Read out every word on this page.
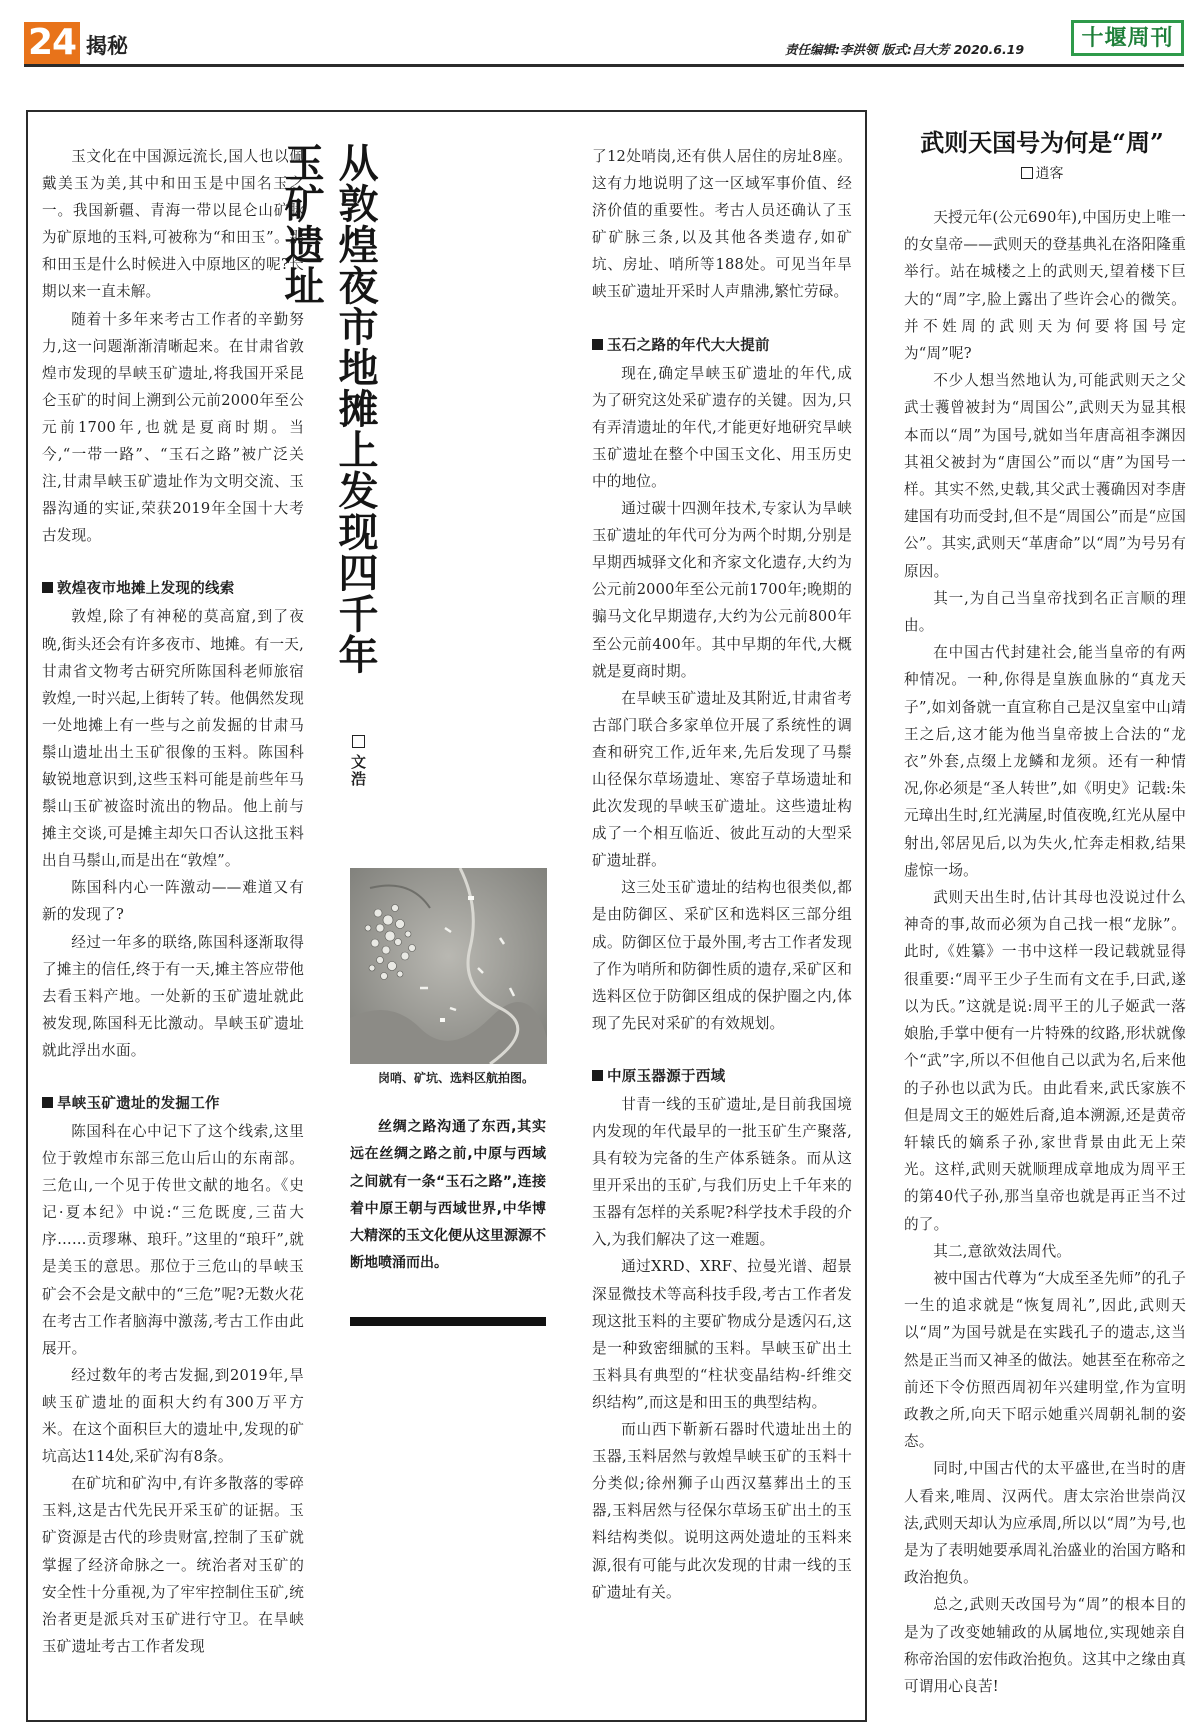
24 揭秘	责任编辑:李洪领 版式:吕大芳 2020.6.19	十堰周刊

玉文化在中国源远流长,国人也以佩戴美玉为美,其中和田玉是中国名玉之一。我国新疆、青海一带以昆仑山矿脉为矿原地的玉料,可被称为“和田玉”。那和田玉是什么时候进入中原地区的呢?长期以来一直未解。

随着十多年来考古工作者的辛勤努力,这一问题渐渐清晰起来。在甘肃省敦煌市发现的旱峡玉矿遗址,将我国开采昆仑玉矿的时间上溯到公元前2000年至公元前1700年,也就是夏商时期。当今,“一带一路”、“玉石之路”被广泛关注,甘肃旱峡玉矿遗址作为文明交流、玉器沟通的实证,荣获2019年全国十大考古发现。

敦煌夜市地摊上发现的线索

敦煌,除了有神秘的莫高窟,到了夜晚,街头还会有许多夜市、地摊。有一天,甘肃省文物考古研究所陈国科老师旅宿敦煌,一时兴起,上街转了转。他偶然发现一处地摊上有一些与之前发掘的甘肃马鬃山遗址出土玉矿很像的玉料。陈国科敏锐地意识到,这些玉料可能是前些年马鬃山玉矿被盗时流出的物品。他上前与摊主交谈,可是摊主却矢口否认这批玉料出自马鬃山,而是出在“敦煌”。

陈国科内心一阵激动——难道又有新的发现了?

经过一年多的联络,陈国科逐渐取得了摊主的信任,终于有一天,摊主答应带他去看玉料产地。一处新的玉矿遗址就此被发现,陈国科无比激动。旱峡玉矿遗址就此浮出水面。

旱峡玉矿遗址的发掘工作

陈国科在心中记下了这个线索,这里位于敦煌市东部三危山后山的东南部。三危山,一个见于传世文献的地名。《史记·夏本纪》中说:“三危既度,三苗大序……贡璆琳、琅玕。”这里的“琅玕”,就是美玉的意思。那位于三危山的旱峡玉矿会不会是文献中的“三危”呢?无数火花在考古工作者脑海中激荡,考古工作由此展开。

经过数年的考古发掘,到2019年,旱峡玉矿遗址的面积大约有300万平方米。在这个面积巨大的遗址中,发现的矿坑高达114处,采矿沟有8条。

在矿坑和矿沟中,有许多散落的零碎玉料,这是古代先民开采玉矿的证据。玉矿资源是古代的珍贵财富,控制了玉矿就掌握了经济命脉之一。统治者对玉矿的安全性十分重视,为了牢牢控制住玉矿,统治者更是派兵对玉矿进行守卫。在旱峡玉矿遗址考古工作者发现

从敦煌夜市地摊上发现四千年玉矿遗址
文浩
岗哨、矿坑、选料区航拍图。
丝绸之路沟通了东西,其实远在丝绸之路之前,中原与西域之间就有一条“玉石之路”,连接着中原王朝与西域世界,中华博大精深的玉文化便从这里源源不断地喷涌而出。

了12处哨岗,还有供人居住的房址8座。这有力地说明了这一区域军事价值、经济价值的重要性。考古人员还确认了玉矿矿脉三条,以及其他各类遗存,如矿坑、房址、哨所等188处。可见当年旱峡玉矿遗址开采时人声鼎沸,繁忙劳碌。

玉石之路的年代大大提前

现在,确定旱峡玉矿遗址的年代,成为了研究这处采矿遗存的关键。因为,只有弄清遗址的年代,才能更好地研究旱峡玉矿遗址在整个中国玉文化、用玉历史中的地位。

通过碳十四测年技术,专家认为旱峡玉矿遗址的年代可分为两个时期,分别是早期西城驿文化和齐家文化遗存,大约为公元前2000年至公元前1700年;晚期的骟马文化早期遗存,大约为公元前800年至公元前400年。其中早期的年代,大概就是夏商时期。

在旱峡玉矿遗址及其附近,甘肃省考古部门联合多家单位开展了系统性的调查和研究工作,近年来,先后发现了马鬃山径保尔草场遗址、寒窑子草场遗址和此次发现的旱峡玉矿遗址。这些遗址构成了一个相互临近、彼此互动的大型采矿遗址群。

这三处玉矿遗址的结构也很类似,都是由防御区、采矿区和选料区三部分组成。防御区位于最外围,考古工作者发现了作为哨所和防御性质的遗存,采矿区和选料区位于防御区组成的保护圈之内,体现了先民对采矿的有效规划。

中原玉器源于西域

甘青一线的玉矿遗址,是目前我国境内发现的年代最早的一批玉矿生产聚落,具有较为完备的生产体系链条。而从这里开采出的玉矿,与我们历史上千年来的玉器有怎样的关系呢?科学技术手段的介入,为我们解决了这一难题。

通过XRD、XRF、拉曼光谱、超景深显微技术等高科技手段,考古工作者发现这批玉料的主要矿物成分是透闪石,这是一种致密细腻的玉料。旱峡玉矿出土玉料具有典型的“柱状变晶结构-纤维交织结构”,而这是和田玉的典型结构。

而山西下靳新石器时代遗址出土的玉器,玉料居然与敦煌旱峡玉矿的玉料十分类似;徐州狮子山西汉墓葬出土的玉器,玉料居然与径保尔草场玉矿出土的玉料结构类似。说明这两处遗址的玉料来源,很有可能与此次发现的甘肃一线的玉矿遗址有关。

武则天国号为何是“周”
逍客

天授元年(公元690年),中国历史上唯一的女皇帝——武则天的登基典礼在洛阳隆重举行。站在城楼之上的武则天,望着楼下巨大的“周”字,脸上露出了些许会心的微笑。并不姓周的武则天为何要将国号定为“周”呢?

不少人想当然地认为,可能武则天之父武士彟曾被封为“周国公”,武则天为显其根本而以“周”为国号,就如当年唐高祖李渊因其祖父被封为“唐国公”而以“唐”为国号一样。其实不然,史载,其父武士彟确因对李唐建国有功而受封,但不是“周国公”而是“应国公”。其实,武则天“革唐命”以“周”为号另有原因。

其一,为自己当皇帝找到名正言顺的理由。

在中国古代封建社会,能当皇帝的有两种情况。一种,你得是皇族血脉的“真龙天子”,如刘备就一直宣称自己是汉皇室中山靖王之后,这才能为他当皇帝披上合法的“龙衣”外套,点缀上龙鳞和龙须。还有一种情况,你必须是“圣人转世”,如《明史》记载:朱元璋出生时,红光满屋,时值夜晚,红光从屋中射出,邻居见后,以为失火,忙奔走相救,结果虚惊一场。

武则天出生时,估计其母也没说过什么神奇的事,故而必须为自己找一根“龙脉”。此时,《姓纂》一书中这样一段记载就显得很重要:“周平王少子生而有文在手,曰武,遂以为氏。”这就是说:周平王的儿子姬武一落娘胎,手掌中便有一片特殊的纹路,形状就像个“武”字,所以不但他自己以武为名,后来他的子孙也以武为氏。由此看来,武氏家族不但是周文王的姬姓后裔,追本溯源,还是黄帝轩辕氏的嫡系子孙,家世背景由此无上荣光。这样,武则天就顺理成章地成为周平王的第40代子孙,那当皇帝也就是再正当不过的了。

其二,意欲效法周代。

被中国古代尊为“大成至圣先师”的孔子一生的追求就是“恢复周礼”,因此,武则天以“周”为国号就是在实践孔子的遗志,这当然是正当而又神圣的做法。她甚至在称帝之前还下令仿照西周初年兴建明堂,作为宣明政教之所,向天下昭示她重兴周朝礼制的姿态。

同时,中国古代的太平盛世,在当时的唐人看来,唯周、汉两代。唐太宗治世崇尚汉法,武则天却认为应承周,所以以“周”为号,也是为了表明她要承周礼治盛业的治国方略和政治抱负。

总之,武则天改国号为“周”的根本目的是为了改变她辅政的从属地位,实现她亲自称帝治国的宏伟政治抱负。这其中之缘由真可谓用心良苦!
